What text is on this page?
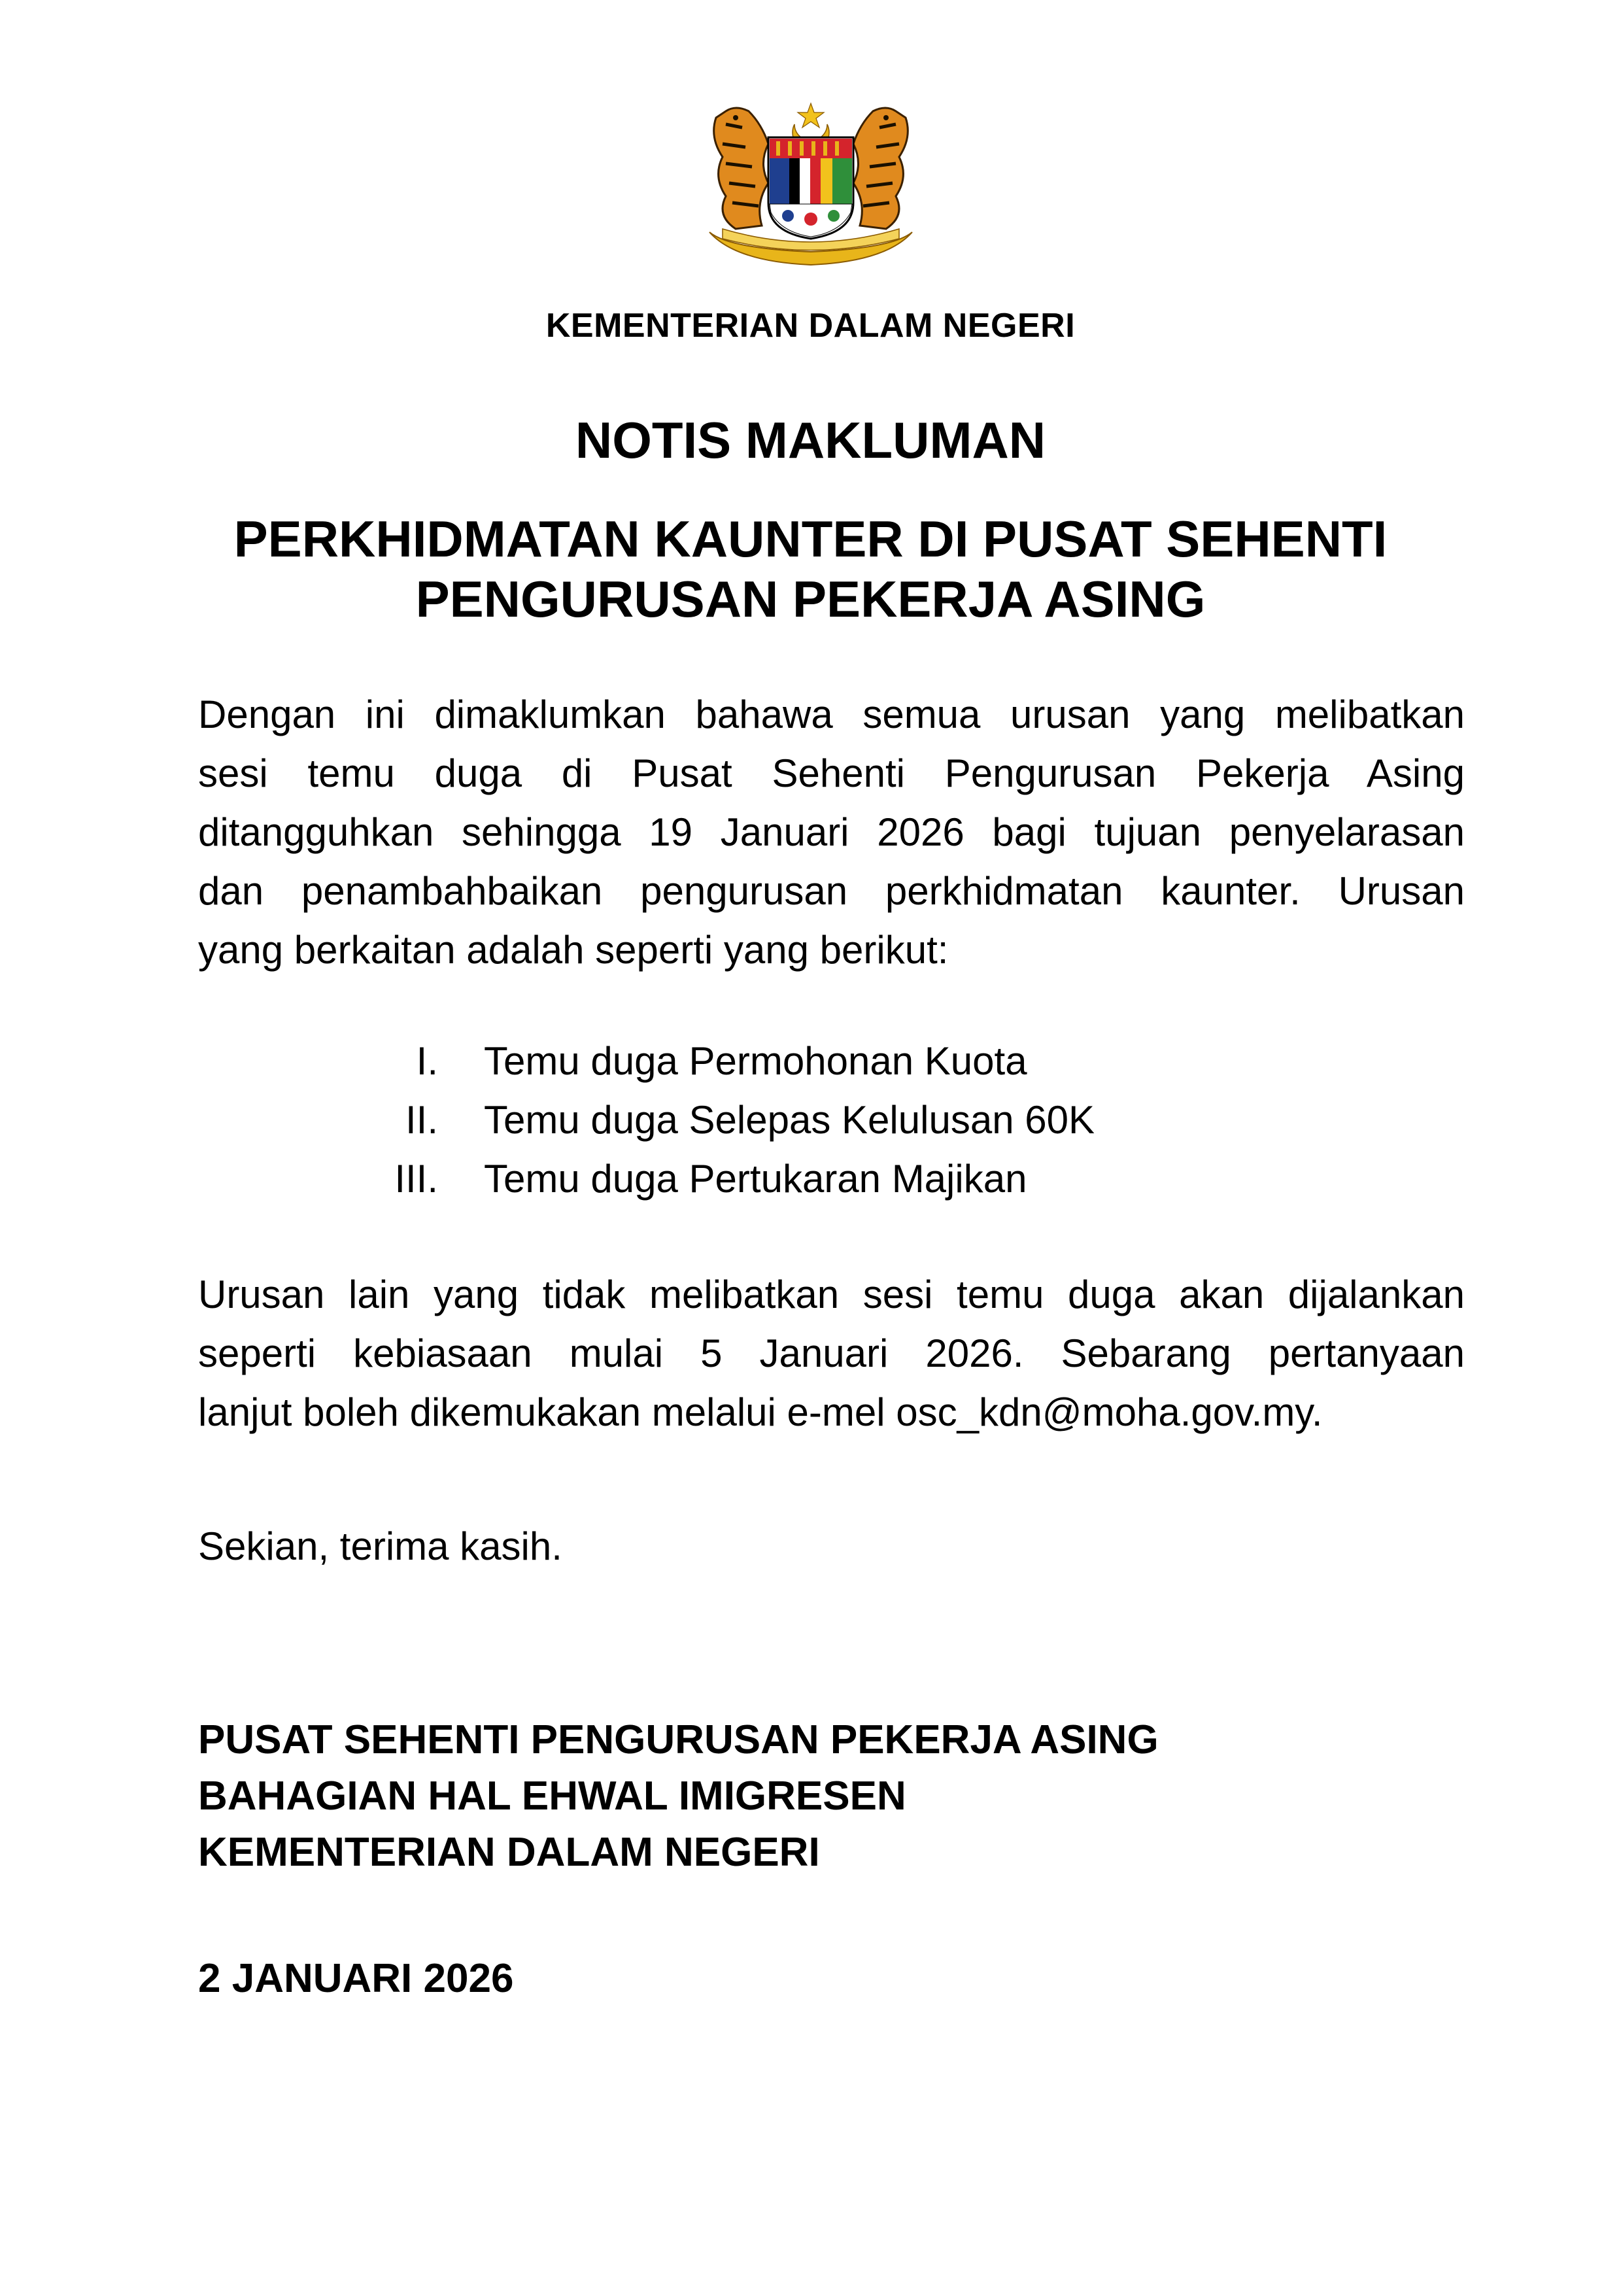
KEMENTERIAN DALAM NEGERI
NOTIS MAKLUMAN
PERKHIDMATAN KAUNTER DI PUSAT SEHENTI
PENGURUSAN PEKERJA ASING
Dengan ini dimaklumkan bahawa semua urusan yang melibatkan
sesi temu duga di Pusat Sehenti Pengurusan Pekerja Asing
ditangguhkan sehingga 19 Januari 2026 bagi tujuan penyelarasan
dan penambahbaikan pengurusan perkhidmatan kaunter. Urusan
yang berkaitan adalah seperti yang berikut:
I.	Temu duga Permohonan Kuota
II.	Temu duga Selepas Kelulusan 60K
III.	Temu duga Pertukaran Majikan
Urusan lain yang tidak melibatkan sesi temu duga akan dijalankan
seperti kebiasaan mulai 5 Januari 2026. Sebarang pertanyaan
lanjut boleh dikemukakan melalui e-mel osc_kdn@moha.gov.my.
Sekian, terima kasih.
PUSAT SEHENTI PENGURUSAN PEKERJA ASING
BAHAGIAN HAL EHWAL IMIGRESEN
KEMENTERIAN DALAM NEGERI
2 JANUARI 2026
